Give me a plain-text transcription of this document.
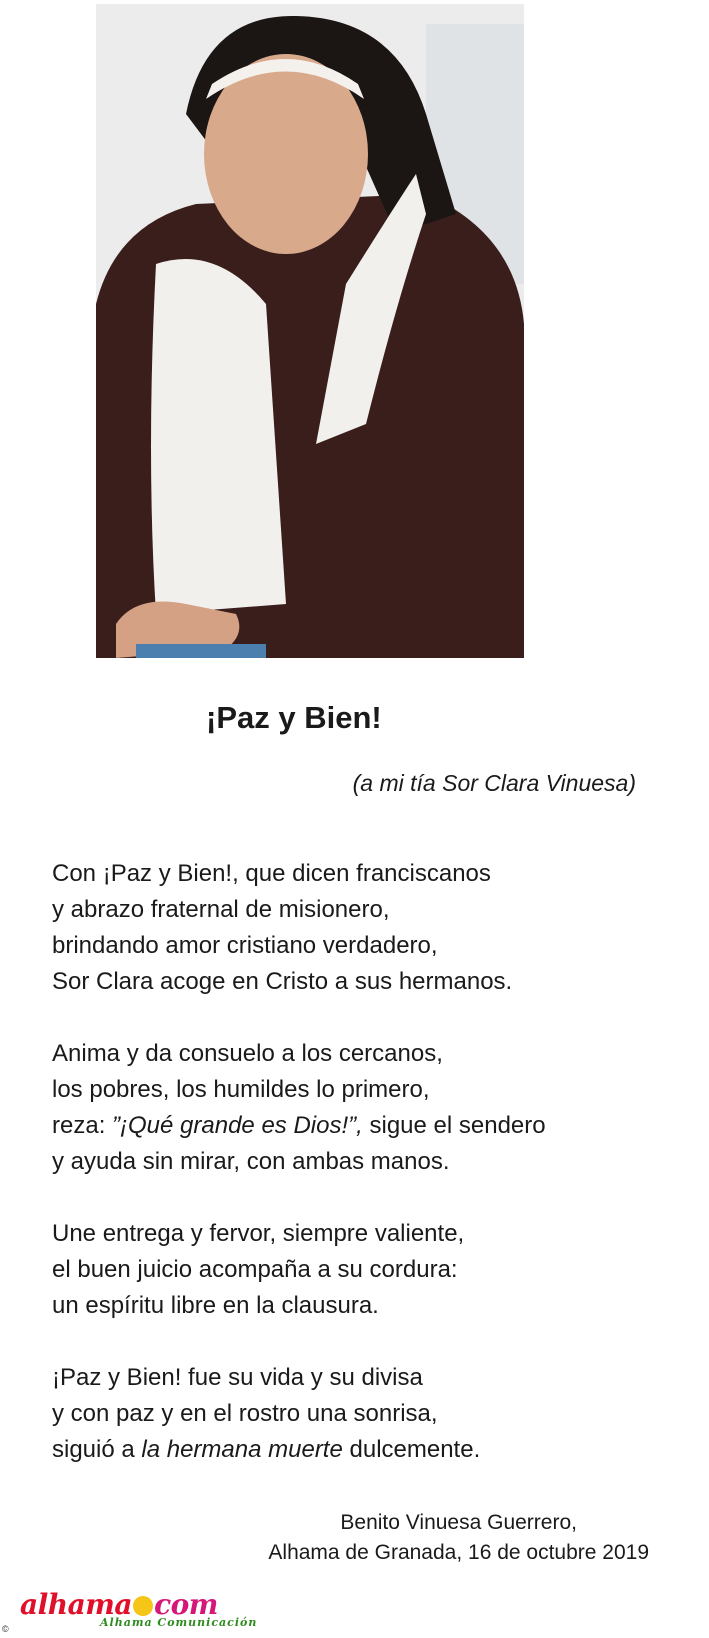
¡Paz y Bien!
(a mi tía Sor Clara Vinuesa)
Con ¡Paz y Bien!, que dicen franciscanos
y abrazo fraternal de misionero,
brindando amor cristiano verdadero,
Sor Clara acoge en Cristo a sus hermanos.
Anima y da consuelo a los cercanos,
los pobres, los humildes lo primero,
reza: ”¡Qué grande es Dios!”, sigue el sendero
y ayuda sin mirar, con ambas manos.
Une entrega y fervor, siempre valiente,
el buen juicio acompaña a su cordura:
un espíritu libre en la clausura.
¡Paz y Bien! fue su vida y su divisa
y con paz y en el rostro una sonrisa,
siguió a la hermana muerte dulcemente.
Benito Vinuesa Guerrero,
Alhama de Granada, 16 de octubre 2019
alhama com
Alhama Comunicación
©
